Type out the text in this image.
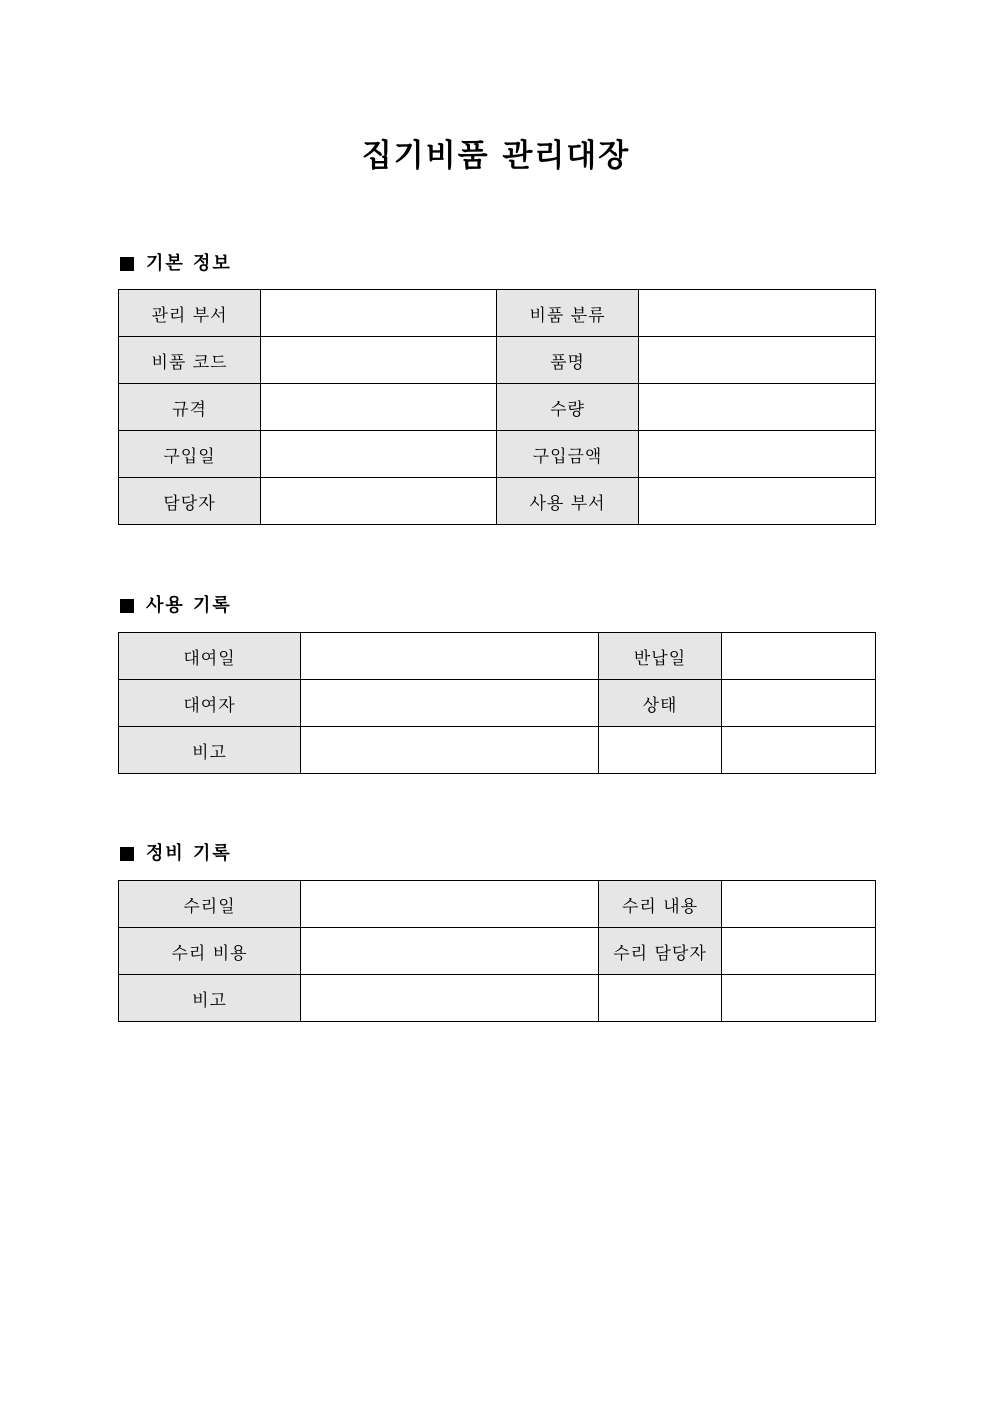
집기비품 관리대장
기본 정보
관리 부서		비품 분류	
비품 코드		품명	
규격		수량	
구입일		구입금액	
담당자		사용 부서	
사용 기록
대여일		반납일	
대여자		상태	
비고			
정비 기록
수리일		수리 내용	
수리 비용		수리 담당자	
비고			
